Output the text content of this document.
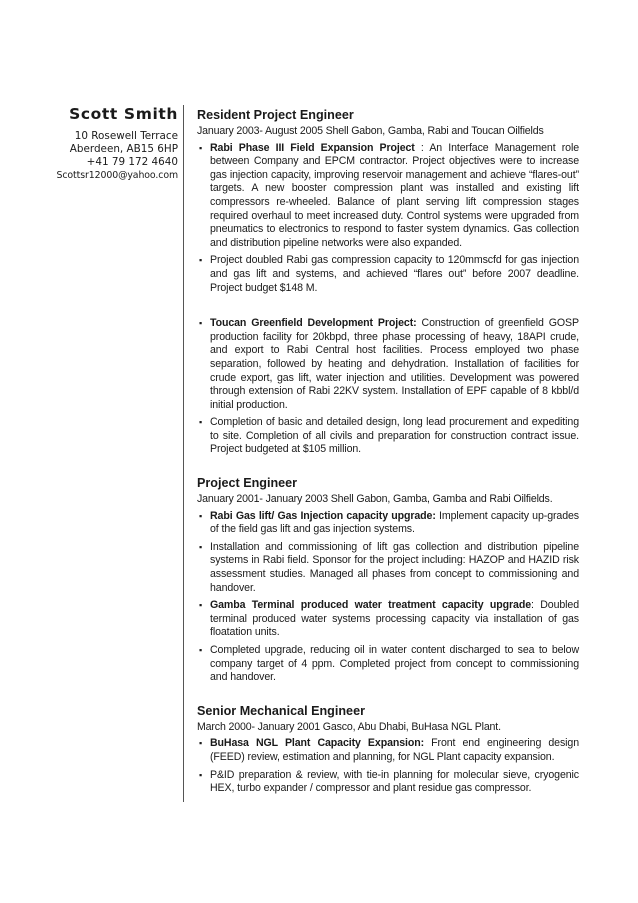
Scott Smith
10 Rosewell Terrace
Aberdeen, AB15 6HP
+41 79 172 4640
Scottsr12000@yahoo.com
Resident Project Engineer
January 2003- August 2005 Shell Gabon, Gamba, Rabi and Toucan Oilfields
▪ Rabi Phase III Field Expansion Project : An Interface Management role between Company and EPCM contractor. Project objectives were to increase gas injection capacity, improving reservoir management and achieve “flares-out” targets. A new booster compression plant was installed and existing lift compressors re-wheeled. Balance of plant serving lift compression stages required overhaul to meet increased duty. Control systems were upgraded from pneumatics to electronics to respond to faster system dynamics. Gas collection and distribution pipeline networks were also expanded.
▪ Project doubled Rabi gas compression capacity to 120mmscfd for gas injection and gas lift and systems, and achieved “flares out” before 2007 deadline. Project budget $148 M.
▪ Toucan Greenfield Development Project: Construction of greenfield GOSP production facility for 20kbpd, three phase processing of heavy, 18API crude, and export to Rabi Central host facilities. Process employed two phase separation, followed by heating and dehydration. Installation of facilities for crude export, gas lift, water injection and utilities. Development was powered through extension of Rabi 22KV system. Installation of EPF capable of 8 kbbl/d initial production.
▪ Completion of basic and detailed design, long lead procurement and expediting to site. Completion of all civils and preparation for construction contract issue. Project budgeted at $105 million.
Project Engineer
January 2001- January 2003 Shell Gabon, Gamba, Gamba and Rabi Oilfields.
▪ Rabi Gas lift/ Gas Injection capacity upgrade: Implement capacity up-grades of the field gas lift and gas injection systems.
▪ Installation and commissioning of lift gas collection and distribution pipeline systems in Rabi field. Sponsor for the project including: HAZOP and HAZID risk assessment studies. Managed all phases from concept to commissioning and handover.
▪ Gamba Terminal produced water treatment capacity upgrade: Doubled terminal produced water systems processing capacity via installation of gas floatation units.
▪ Completed upgrade, reducing oil in water content discharged to sea to below company target of 4 ppm. Completed project from concept to commissioning and handover.
Senior Mechanical Engineer
March 2000- January 2001 Gasco, Abu Dhabi, BuHasa NGL Plant.
▪ BuHasa NGL Plant Capacity Expansion: Front end engineering design (FEED) review, estimation and planning, for NGL Plant capacity expansion.
▪ P&ID preparation & review, with tie-in planning for molecular sieve, cryogenic HEX, turbo expander / compressor and plant residue gas compressor.
